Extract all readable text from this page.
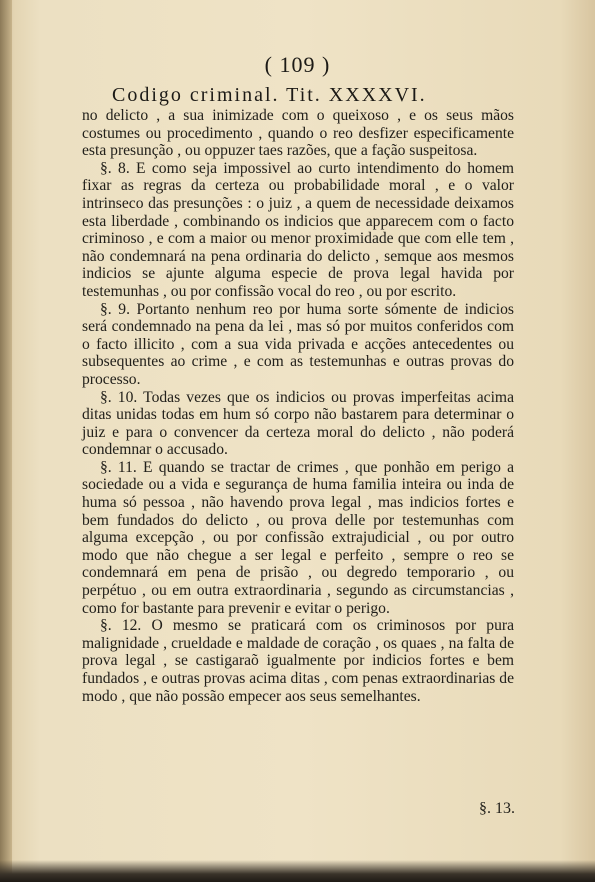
( 109 )
Codigo criminal. Tit. XXXXVI.

no delicto , a sua inimizade com o queixoso , e os seus mãos costumes ou procedimento , quando o reo desfizer especificamente esta presunção , ou oppuzer taes razões, que a fação suspeitosa.

§. 8. E como seja impossivel ao curto intendimento do homem fixar as regras da certeza ou probabilidade moral , e o valor intrinseco das presunções : o juiz , a quem de necessidade deixamos esta liberdade , combinando os indicios que apparecem com o facto criminoso , e com a maior ou menor proximidade que com elle tem , não condemnará na pena ordinaria do delicto , semque aos mesmos indicios se ajunte alguma especie de prova legal havida por testemunhas , ou por confissão vocal do reo , ou por escrito.

§. 9. Portanto nenhum reo por huma sorte sómente de indicios será condemnado na pena da lei , mas só por muitos conferidos com o facto illicito , com a sua vida privada e acções antecedentes ou subsequentes ao crime , e com as testemunhas e outras provas do processo.

§. 10. Todas vezes que os indicios ou provas imperfeitas acima ditas unidas todas em hum só corpo não bastarem para determinar o juiz e para o convencer da certeza moral do delicto , não poderá condemnar o accusado.

§. 11. E quando se tractar de crimes , que ponhão em perigo a sociedade ou a vida e segurança de huma familia inteira ou inda de huma só pessoa , não havendo prova legal , mas indicios fortes e bem fundados do delicto , ou prova delle por testemunhas com alguma excepção , ou por confissão extrajudicial , ou por outro modo que não chegue a ser legal e perfeito , sempre o reo se condemnará em pena de prisão , ou degredo temporario , ou perpétuo , ou em outra extraordinaria , segundo as circumstancias , como for bastante para prevenir e evitar o perigo.

§. 12. O mesmo se praticará com os criminosos por pura malignidade , crueldade e maldade de coração , os quaes , na falta de prova legal , se castigaraõ igualmente por indicios fortes e bem fundados , e outras provas acima ditas , com penas extraordinarias de modo , que não possão empecer aos seus semelhantes.

§. 13.
